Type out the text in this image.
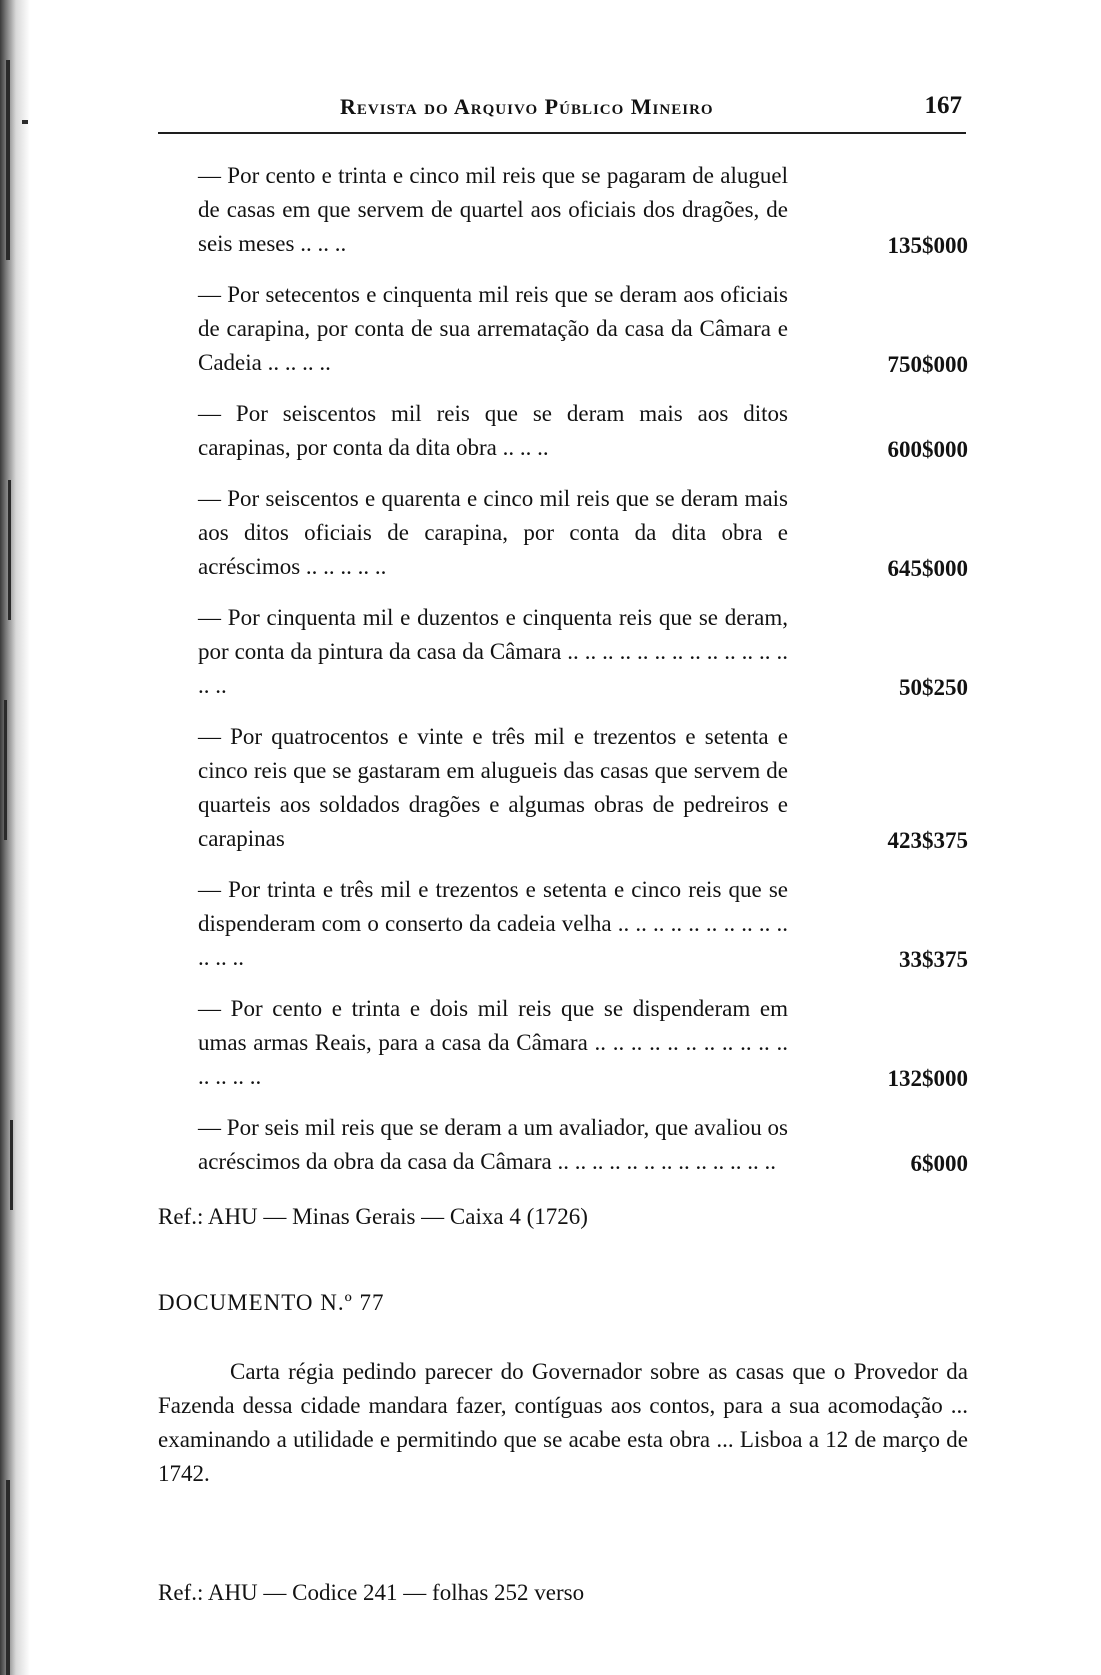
Revista do Arquivo Público Mineiro	167

— Por cento e trinta e cinco mil reis que se pagaram de aluguel de casas em que servem de quartel aos oficiais dos dragões, de seis meses .. .. ..	135$000

— Por setecentos e cinquenta mil reis que se deram aos oficiais de carapina, por conta de sua arrematação da casa da Câmara e Cadeia .. .. .. ..	750$000

— Por seiscentos mil reis que se deram mais aos ditos carapinas, por conta da dita obra .. .. ..	600$000

— Por seiscentos e quarenta e cinco mil reis que se deram mais aos ditos oficiais de carapina, por conta da dita obra e acréscimos .. .. .. .. ..	645$000

— Por cinquenta mil e duzentos e cinquenta reis que se deram, por conta da pintura da casa da Câmara .. .. .. .. .. .. .. .. .. .. .. .. .. .. ..	50$250

— Por quatrocentos e vinte e três mil e trezentos e setenta e cinco reis que se gastaram em alugueis das casas que servem de quarteis aos soldados dragões e algumas obras de pedreiros e carapinas	423$375

— Por trinta e três mil e trezentos e setenta e cinco reis que se dispenderam com o conserto da cadeia velha .. .. .. .. .. .. .. .. .. .. .. .. ..	33$375

— Por cento e trinta e dois mil reis que se dispenderam em umas armas Reais, para a casa da Câmara .. .. .. .. .. .. .. .. .. .. .. .. .. .. ..	132$000

— Por seis mil reis que se deram a um avaliador, que avaliou os acréscimos da obra da casa da Câmara .. .. .. .. .. .. .. .. .. .. .. .. ..	6$000
Ref.: AHU — Minas Gerais — Caixa 4 (1726)
DOCUMENTO N.º 77

Carta régia pedindo parecer do Governador sobre as casas que o Provedor da Fazenda dessa cidade mandara fazer, contíguas aos contos, para a sua acomodação ... examinando a utilidade e permitindo que se acabe esta obra ... Lisboa a 12 de março de 1742.

Ref.: AHU — Codice 241 — folhas 252 verso
